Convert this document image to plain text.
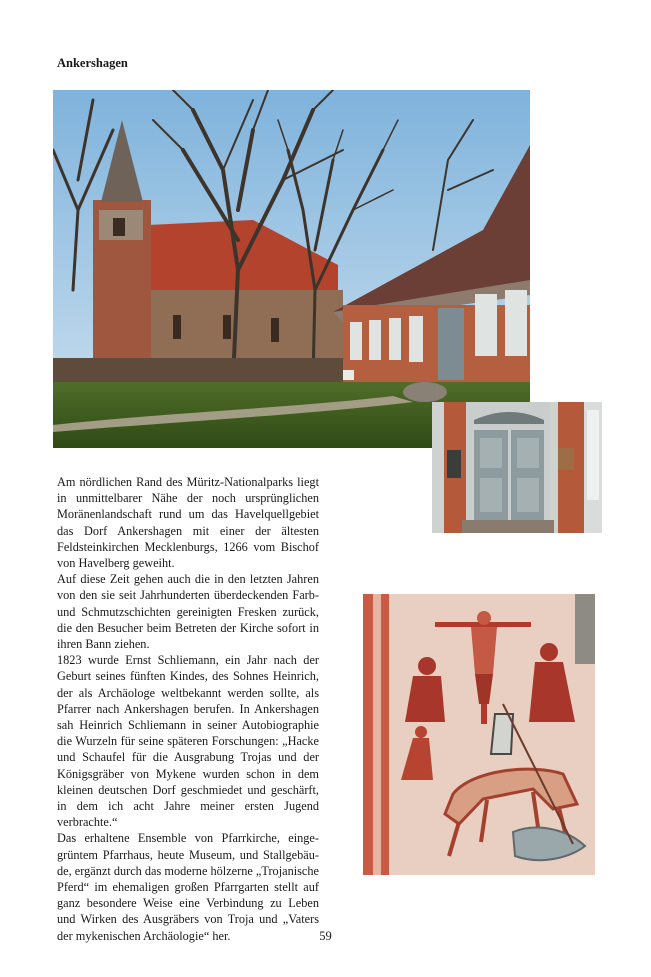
Ankershagen

Am nördlichen Rand des Müritz-Nationalparks liegt in unmittelbarer Nähe der noch ursprünglichen Moränenlandschaft rund um das Havelquellgebiet das Dorf Ankershagen mit einer der ältesten Feldsteinkirchen Mecklenburgs, 1266 vom Bischof von Havelberg geweiht.

Auf diese Zeit gehen auch die in den letzten Jahren von den sie seit Jahrhunderten überdeckenden Farb- und Schmutzschichten gereinigten Fresken zurück, die den Besucher beim Betreten der Kirche sofort in ihren Bann ziehen.

1823 wurde Ernst Schliemann, ein Jahr nach der Geburt seines fünften Kindes, des Sohnes Heinrich, der als Archäologe weltbekannt werden sollte, als Pfarrer nach Ankershagen berufen. In Ankershagen sah Heinrich Schliemann in seiner Autobiographie die Wurzeln für seine späteren Forschungen: „Hacke und Schaufel für die Ausgrabung Trojas und der Königsgräber von Mykene wurden schon in dem kleinen deutschen Dorf geschmiedet und geschärft, in dem ich acht Jahre meiner ersten Jugend verbrachte.“

Das erhaltene Ensemble von Pfarrkirche, eingegrüntem Pfarrhaus, heute Museum, und Stallgebäude, ergänzt durch das moderne hölzerne „Trojanische Pferd“ im ehemaligen großen Pfarrgarten stellt auf ganz besondere Weise eine Verbindung zu Leben und Wirken des Ausgräbers von Troja und „Vaters der mykenischen Archäologie“ her.	59
